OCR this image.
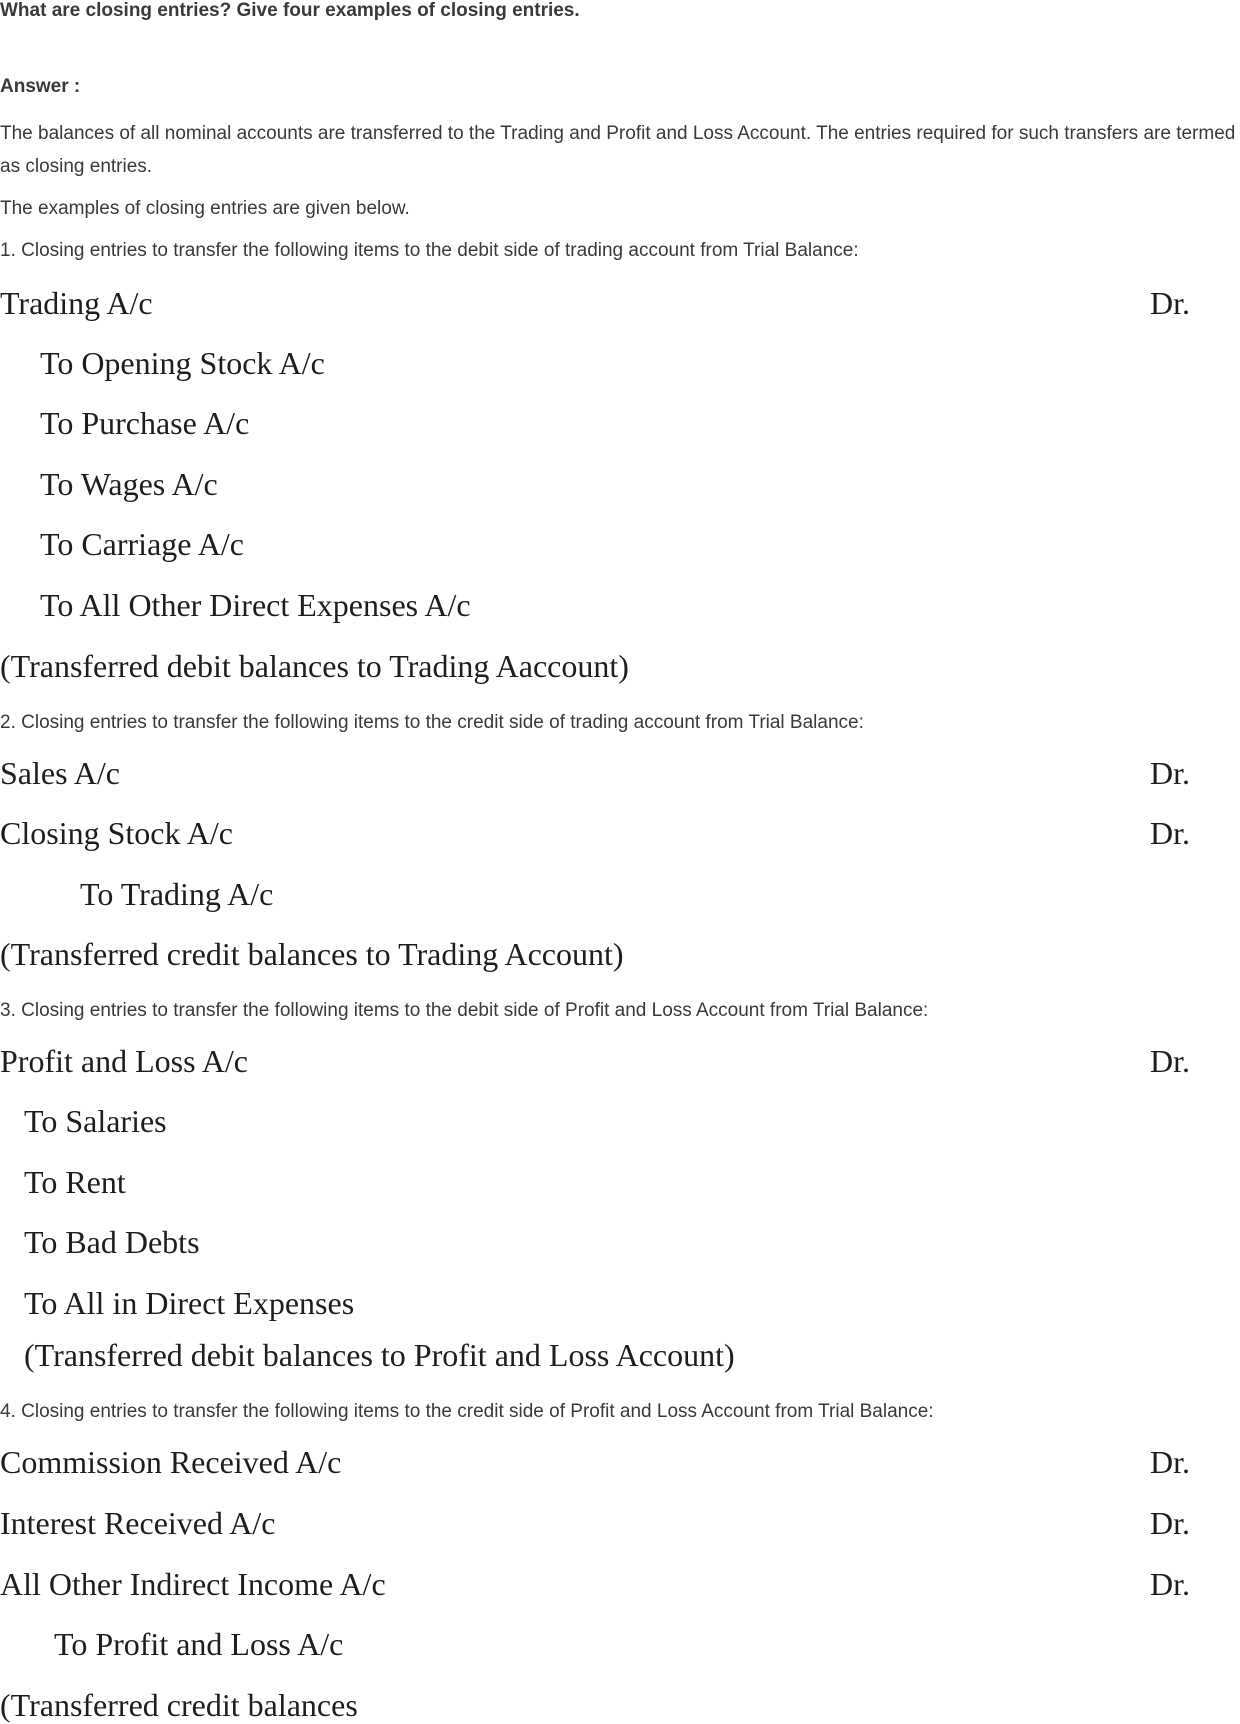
What are closing entries? Give four examples of closing entries.
Answer :
The balances of all nominal accounts are transferred to the Trading and Profit and Loss Account. The entries required for such transfers are termed as closing entries.
The examples of closing entries are given below.
1. Closing entries to transfer the following items to the debit side of trading account from Trial Balance:
Trading A/c	Dr.
To Opening Stock A/c
To Purchase A/c
To Wages A/c
To Carriage A/c
To All Other Direct Expenses A/c
(Transferred debit balances to Trading Aaccount)
2. Closing entries to transfer the following items to the credit side of trading account from Trial Balance:
Sales A/c	Dr.
Closing Stock A/c	Dr.
To Trading A/c
(Transferred credit balances to Trading Account)
3. Closing entries to transfer the following items to the debit side of Profit and Loss Account from Trial Balance:
Profit and Loss A/c	Dr.
To Salaries
To Rent
To Bad Debts
To All in Direct Expenses
(Transferred debit balances to Profit and Loss Account)
4. Closing entries to transfer the following items to the credit side of Profit and Loss Account from Trial Balance:
Commission Received A/c	Dr.
Interest Received A/c	Dr.
All Other Indirect Income A/c	Dr.
To Profit and Loss A/c
(Transferred credit balances
